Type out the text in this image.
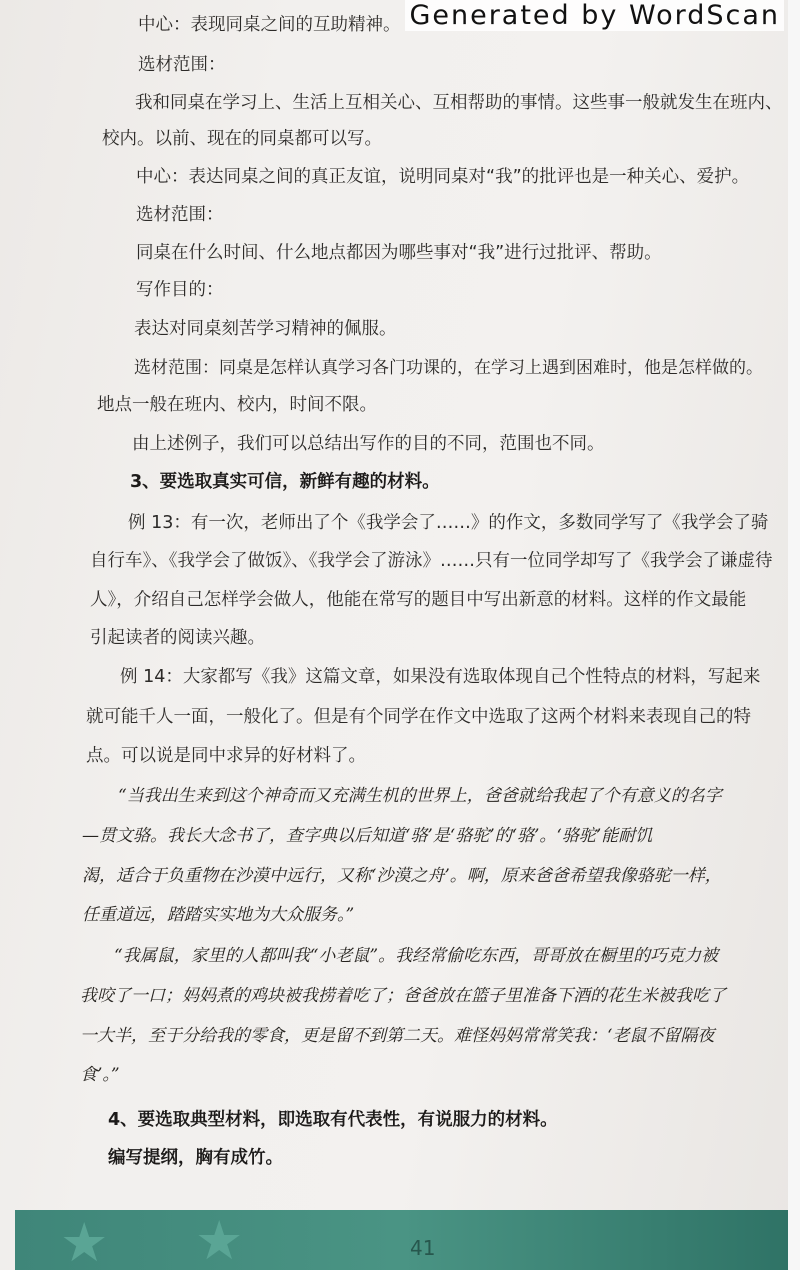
中心：表现同桌之间的互助精神。
选材范围：
我和同桌在学习上、生活上互相关心、互相帮助的事情。这些事一般就发生在班内、
校内。以前、现在的同桌都可以写。
中心：表达同桌之间的真正友谊，说明同桌对“我”的批评也是一种关心、爱护。
选材范围：
同桌在什么时间、什么地点都因为哪些事对“我”进行过批评、帮助。
写作目的：
表达对同桌刻苦学习精神的佩服。
选材范围：同桌是怎样认真学习各门功课的，在学习上遇到困难时，他是怎样做的。
地点一般在班内、校内，时间不限。
由上述例子，我们可以总结出写作的目的不同，范围也不同。
3、要选取真实可信，新鲜有趣的材料。
例 13：有一次，老师出了个《我学会了……》的作文，多数同学写了《我学会了骑
自行车》、《我学会了做饭》、《我学会了游泳》……只有一位同学却写了《我学会了谦虚待
人》，介绍自己怎样学会做人，他能在常写的题目中写出新意的材料。这样的作文最能
引起读者的阅读兴趣。
例 14：大家都写《我》这篇文章，如果没有选取体现自己个性特点的材料，写起来
就可能千人一面，一般化了。但是有个同学在作文中选取了这两个材料来表现自己的特
点。可以说是同中求异的好材料了。
“当我出生来到这个神奇而又充满生机的世界上，爸爸就给我起了个有意义的名字
—贯文骆。我长大念书了，查字典以后知道‘骆’是‘骆驼’的‘骆’。‘骆驼’能耐饥
渴，适合于负重物在沙漠中远行，又称‘沙漠之舟’。啊，原来爸爸希望我像骆驼一样，
任重道远，踏踏实实地为大众服务。”
“我属鼠，家里的人都叫我“小老鼠”。我经常偷吃东西，哥哥放在橱里的巧克力被
我咬了一口；妈妈煮的鸡块被我捞着吃了；爸爸放在篮子里准备下酒的花生米被我吃了
一大半，至于分给我的零食，更是留不到第二天。难怪妈妈常常笑我：‘老鼠不留隔夜
食’。”
4、要选取典型材料，即选取有代表性，有说服力的材料。
编写提纲，胸有成竹。
★ ★	41
Generated by WordScan
